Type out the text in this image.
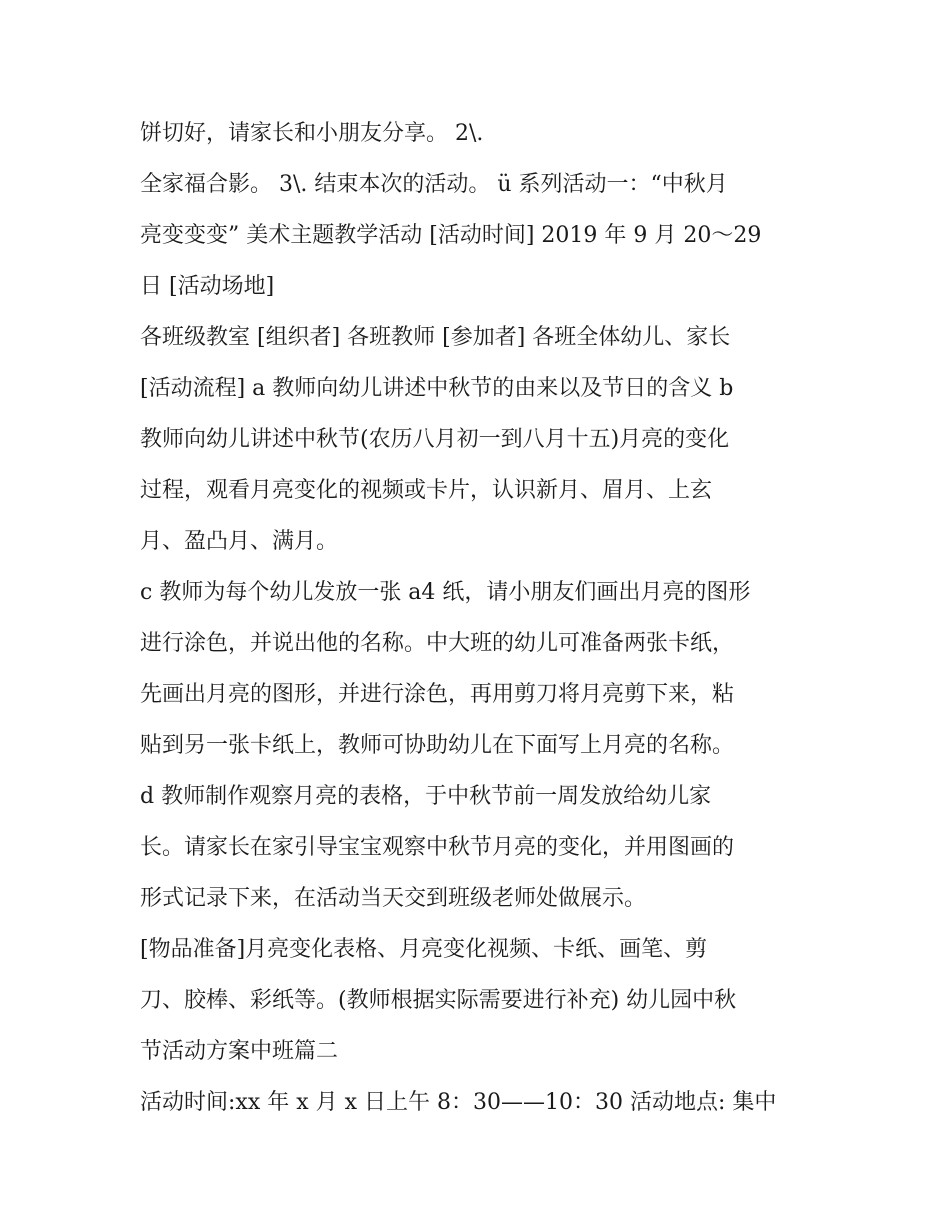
饼切好，请家长和小朋友分享。 2\.
全家福合影。 3\. 结束本次的活动。 ü 系列活动一：“中秋月
亮变变变” 美术主题教学活动 [活动时间] 2019 年 9 月 20～29
日 [活动场地]
各班级教室 [组织者] 各班教师 [参加者] 各班全体幼儿、家长
[活动流程] a 教师向幼儿讲述中秋节的由来以及节日的含义 b
教师向幼儿讲述中秋节(农历八月初一到八月十五)月亮的变化
过程，观看月亮变化的视频或卡片，认识新月、眉月、上玄
月、盈凸月、满月。
c 教师为每个幼儿发放一张 a4 纸，请小朋友们画出月亮的图形
进行涂色，并说出他的名称。中大班的幼儿可准备两张卡纸，
先画出月亮的图形，并进行涂色，再用剪刀将月亮剪下来，粘
贴到另一张卡纸上，教师可协助幼儿在下面写上月亮的名称。
d 教师制作观察月亮的表格，于中秋节前一周发放给幼儿家
长。请家长在家引导宝宝观察中秋节月亮的变化，并用图画的
形式记录下来，在活动当天交到班级老师处做展示。
[物品准备]月亮变化表格、月亮变化视频、卡纸、画笔、剪
刀、胶棒、彩纸等。(教师根据实际需要进行补充) 幼儿园中秋
节活动方案中班篇二
活动时间:xx 年 x 月 x 日上午 8：30——10：30 活动地点: 集中
